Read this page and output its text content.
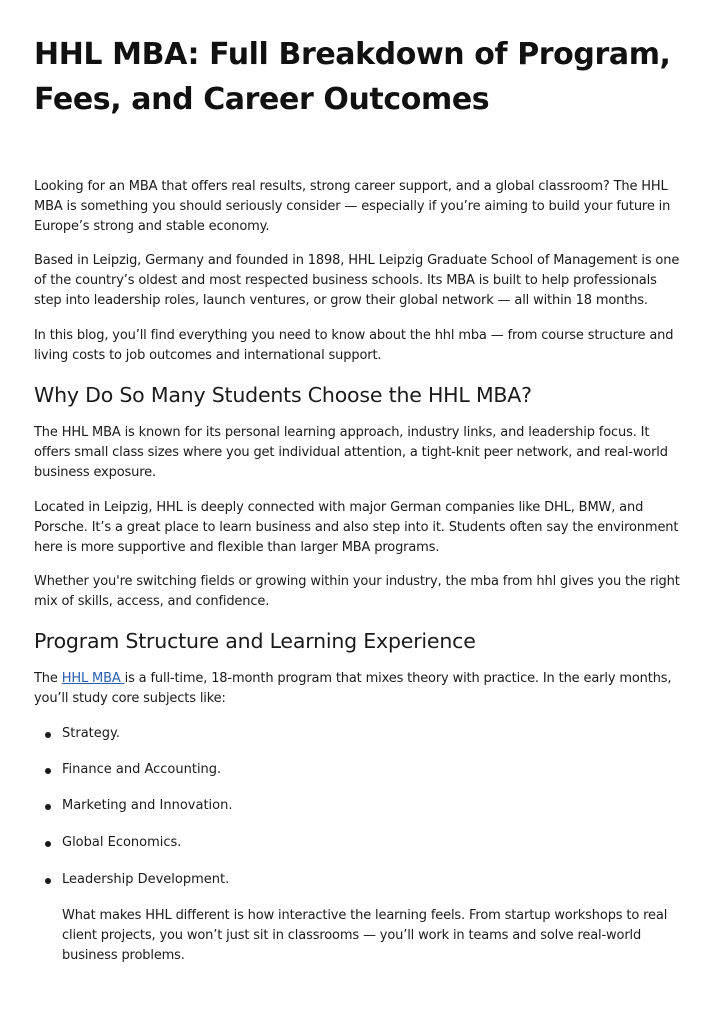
HHL MBA: Full Breakdown of Program, Fees, and Career Outcomes

Looking for an MBA that offers real results, strong career support, and a global classroom? The HHL MBA is something you should seriously consider — especially if you’re aiming to build your future in Europe’s strong and stable economy.

Based in Leipzig, Germany and founded in 1898, HHL Leipzig Graduate School of Management is one of the country’s oldest and most respected business schools. Its MBA is built to help professionals step into leadership roles, launch ventures, or grow their global network — all within 18 months.

In this blog, you’ll find everything you need to know about the hhl mba — from course structure and living costs to job outcomes and international support.

Why Do So Many Students Choose the HHL MBA?

The HHL MBA is known for its personal learning approach, industry links, and leadership focus. It offers small class sizes where you get individual attention, a tight-knit peer network, and real-world business exposure.

Located in Leipzig, HHL is deeply connected with major German companies like DHL, BMW, and Porsche. It’s a great place to learn business and also step into it. Students often say the environment here is more supportive and flexible than larger MBA programs.

Whether you're switching fields or growing within your industry, the mba from hhl gives you the right mix of skills, access, and confidence.

Program Structure and Learning Experience

The HHL MBA is a full-time, 18-month program that mixes theory with practice. In the early months, you’ll study core subjects like:

Strategy.
Finance and Accounting.
Marketing and Innovation.
Global Economics.
Leadership Development.

What makes HHL different is how interactive the learning feels. From startup workshops to real client projects, you won’t just sit in classrooms — you’ll work in teams and solve real-world business problems.
